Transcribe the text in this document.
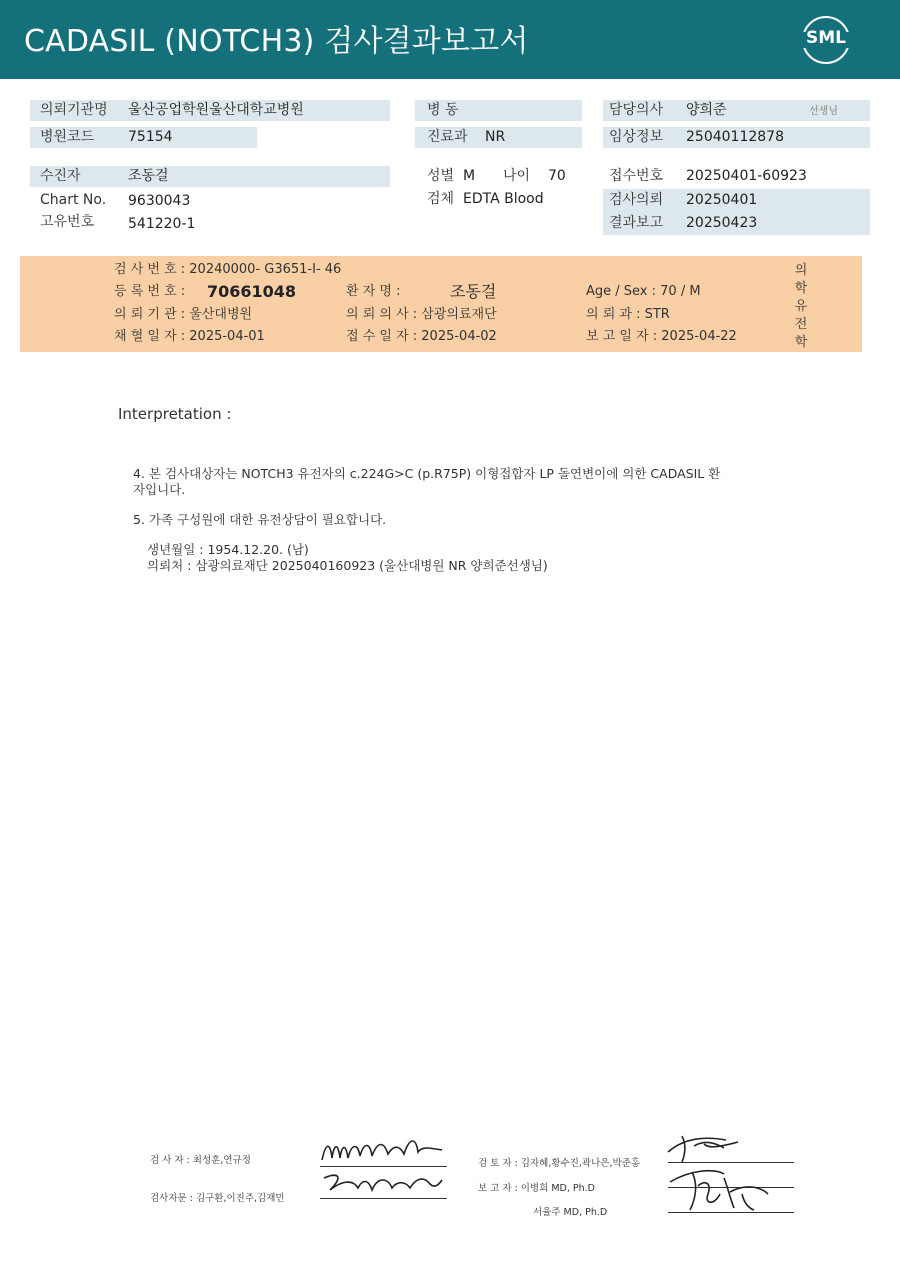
CADASIL (NOTCH3) 검사결과보고서	SML
의뢰기관명 울산공업학원울산대학교병원
병원코드 75154
병 동
진료과 NR
담당의사 양희준	선생님
임상정보 25040112878
수진자	조동걸
Chart No. 9630043
고유번호 541220-1
성별 M 나이 70
검체 EDTA Blood
접수번호 20250401-60923
검사의뢰 20250401
결과보고 20250423
검 사 번 호 : 20240000- G3651-I- 46
등 록 번 호 : 70661048	환 자 명 :	조동걸	Age / Sex : 70 / M
의 뢰 기 관 : 울산대병원	의 뢰 의 사 : 삼광의료재단	의 뢰 과 : STR
채 혈 일 자 : 2025-04-01	접 수 일 자 : 2025-04-02	보 고 일 자 : 2025-04-22
의
학
유
전
학
Interpretation :
4. 본 검사대상자는 NOTCH3 유전자의 c.224G>C (p.R75P) 이형접합자 LP 돌연변이에 의한 CADASIL 환
자입니다.
5. 가족 구성원에 대한 유전상담이 필요합니다.
생년월일 : 1954.12.20. (남)
의뢰처 : 삼광의료재단 2025040160923 (울산대병원 NR 양희준선생님)
검 사 자 : 최성훈,연규정
검사자문 : 김구환,이진주,김재민
검 토 자 : 김자혜,황수진,곽나은,박준홍
보 고 자 : 이병희 MD, Ph.D
서율주 MD, Ph.D
